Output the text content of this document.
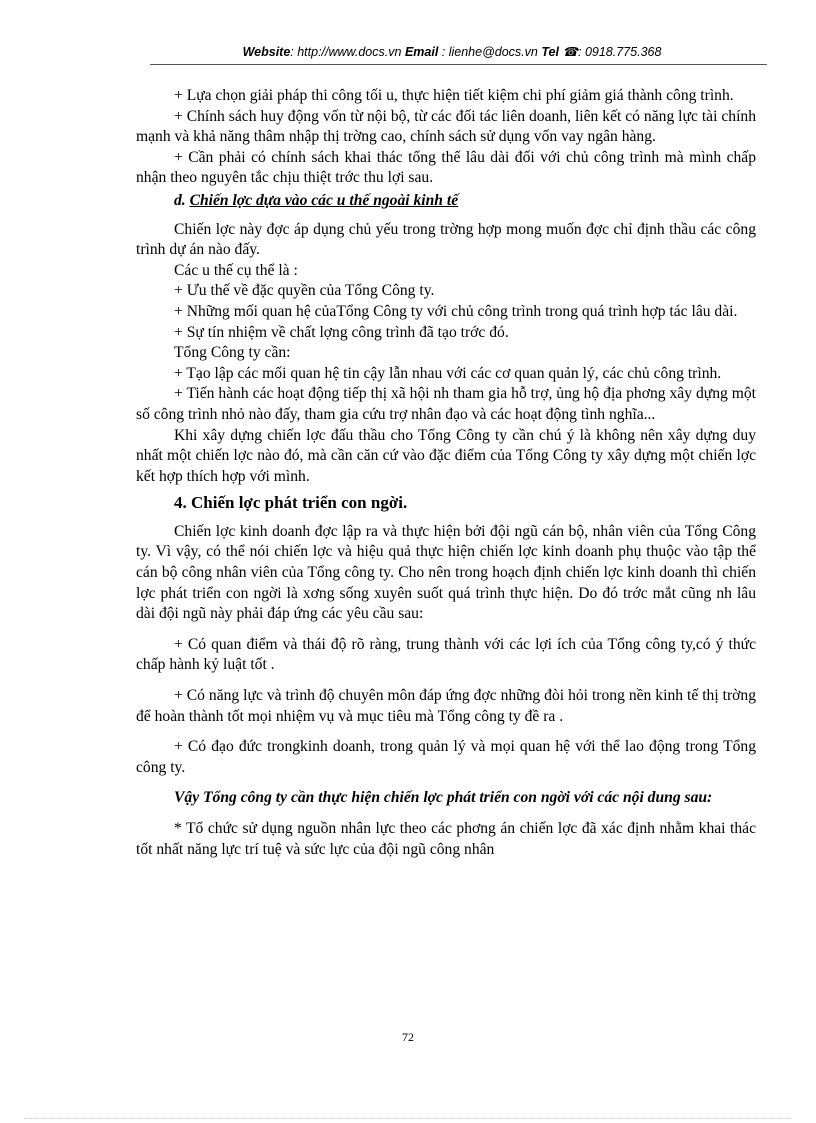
Website: http://www.docs.vn Email : lienhe@docs.vn Tel ☎: 0918.775.368

+ Lựa chọn giải pháp thi công tối u, thực hiện tiết kiệm chi phí giảm giá thành công trình.

+ Chính sách huy động vốn từ nội bộ, từ các đối tác liên doanh, liên kết có năng lực tài chính mạnh và khả năng thâm nhập thị trờng cao, chính sách sử dụng vốn vay ngân hàng.

+ Cần phải có chính sách khai thác tổng thể lâu dài đối với chủ công trình mà mình chấp nhận theo nguyên tắc chịu thiệt trớc thu lợi sau.

d. Chiến lợc dựa vào các u thế ngoài kinh tế

Chiến lợc này đợc áp dụng chủ yếu trong trờng hợp mong muốn đợc chỉ định thầu các công trình dự án nào đấy.

Các u thế cụ thể là :

+ Ưu thế về đặc quyền của Tổng Công ty.

+ Những mối quan hệ củaTổng Công ty với chủ công trình trong quá trình hợp tác lâu dài.

+ Sự tín nhiệm về chất lợng công trình đã tạo trớc đó.

Tổng Công ty cần:

+ Tạo lập các mối quan hệ tin cậy lẫn nhau với các cơ quan quản lý, các chủ công trình.

+ Tiến hành các hoạt động tiếp thị xã hội nh tham gia hỗ trợ, ủng hộ địa phơng xây dựng một số công trình nhỏ nào đấy, tham gia cứu trợ nhân đạo và các hoạt động tình nghĩa...

Khi xây dựng chiến lợc đấu thầu cho Tổng Công ty cần chú ý là không nên xây dựng duy nhất một chiến lợc nào đó, mà cần căn cứ vào đặc điểm của Tổng Công ty xây dựng một chiến lợc kết hợp thích hợp với mình.

4. Chiến lợc phát triển con ngời.

Chiến lợc kinh doanh đợc lập ra và thực hiện bởi đội ngũ cán bộ, nhân viên của Tổng Công ty. Vì vậy, có thể nói chiến lợc và hiệu quả thực hiện chiến lợc kinh doanh phụ thuộc vào tập thể cán bộ công nhân viên của Tổng công ty. Cho nên trong hoạch định chiến lợc kinh doanh thì chiến lợc phát triển con ngời là xơng sống xuyên suốt quá trình thực hiện. Do đó trớc mắt cũng nh lâu dài đội ngũ này phải đáp ứng các yêu cầu sau:

+ Có quan điểm và thái độ rõ ràng, trung thành với các lợi ích của Tổng công ty,có ý thức chấp hành kỷ luật tốt .

+ Có năng lực và trình độ chuyên môn đáp ứng đợc những đòi hỏi trong nền kinh tế thị trờng để hoàn thành tốt mọi nhiệm vụ và mục tiêu mà Tổng công ty đề ra .

+ Có đạo đức trongkinh doanh, trong quản lý và mọi quan hệ với thể lao động trong Tổng công ty.

Vậy Tổng công ty cần thực hiện chiến lợc phát triển con ngời với các nội dung sau:

* Tổ chức sử dụng nguồn nhân lực theo các phơng án chiến lợc đã xác định nhằm khai thác tốt nhất năng lực trí tuệ và sức lực của đội ngũ công nhân

72
